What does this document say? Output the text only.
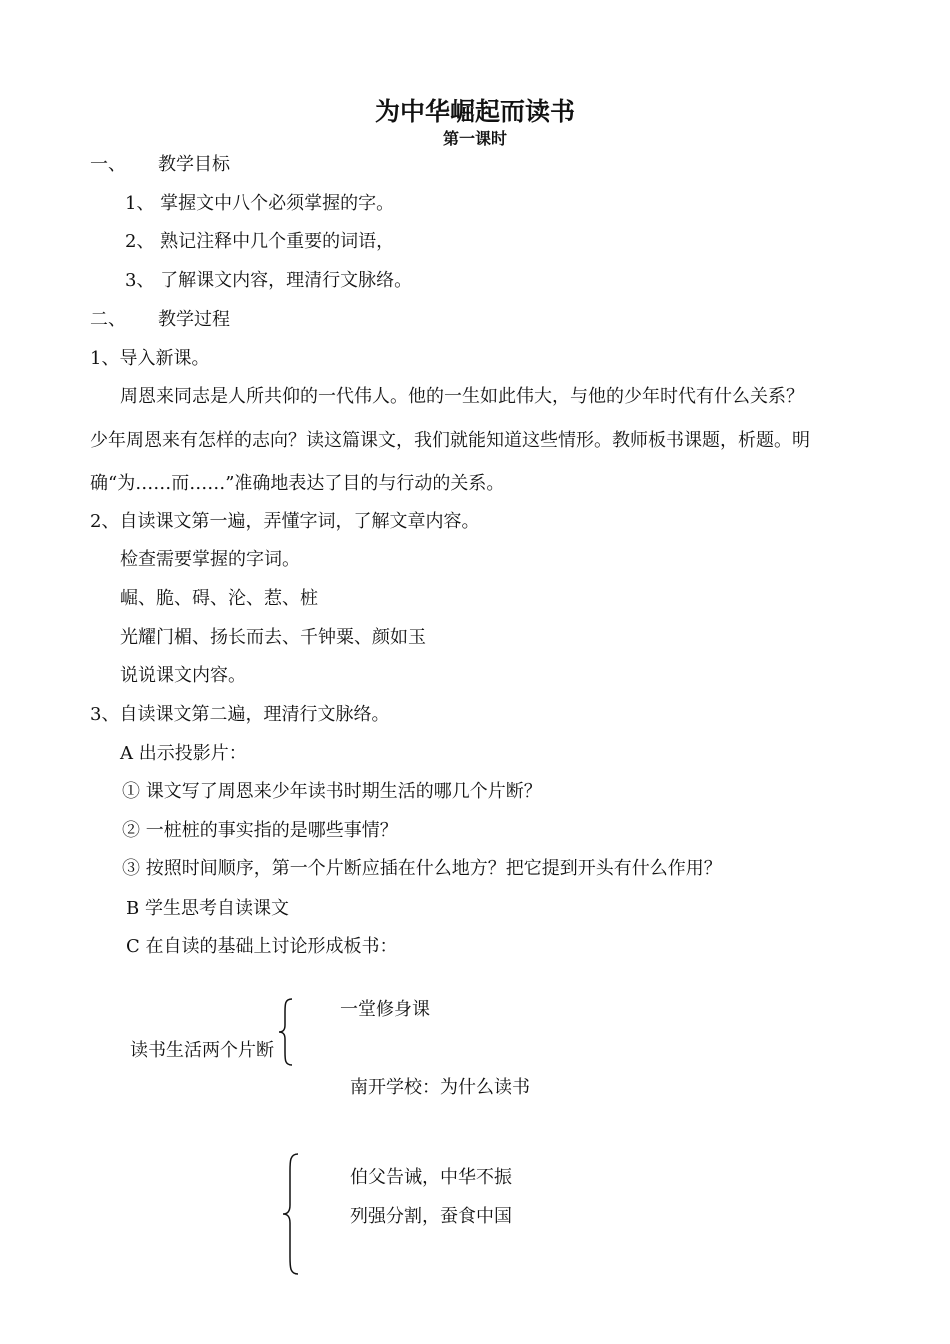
为中华崛起而读书
第一课时
一、 教学目标
1、 掌握文中八个必须掌握的字。
2、 熟记注释中几个重要的词语，
3、 了解课文内容，理清行文脉络。
二、 教学过程
1、导入新课。
周恩来同志是人所共仰的一代伟人。他的一生如此伟大，与他的少年时代有什么关系？
少年周恩来有怎样的志向？读这篇课文，我们就能知道这些情形。教师板书课题，析题。明
确“为……而……”准确地表达了目的与行动的关系。
2、自读课文第一遍，弄懂字词，了解文章内容。
检查需要掌握的字词。
崛、脆、碍、沦、惹、桩
光耀门楣、扬长而去、千钟粟、颜如玉
说说课文内容。
3、自读课文第二遍，理清行文脉络。
A 出示投影片：
① 课文写了周恩来少年读书时期生活的哪几个片断？
② 一桩桩的事实指的是哪些事情？
③ 按照时间顺序，第一个片断应插在什么地方？把它提到开头有什么作用？
B 学生思考自读课文
C 在自读的基础上讨论形成板书：
读书生活两个片断
一堂修身课
南开学校：为什么读书
伯父告诫，中华不振
列强分割，蚕食中国
